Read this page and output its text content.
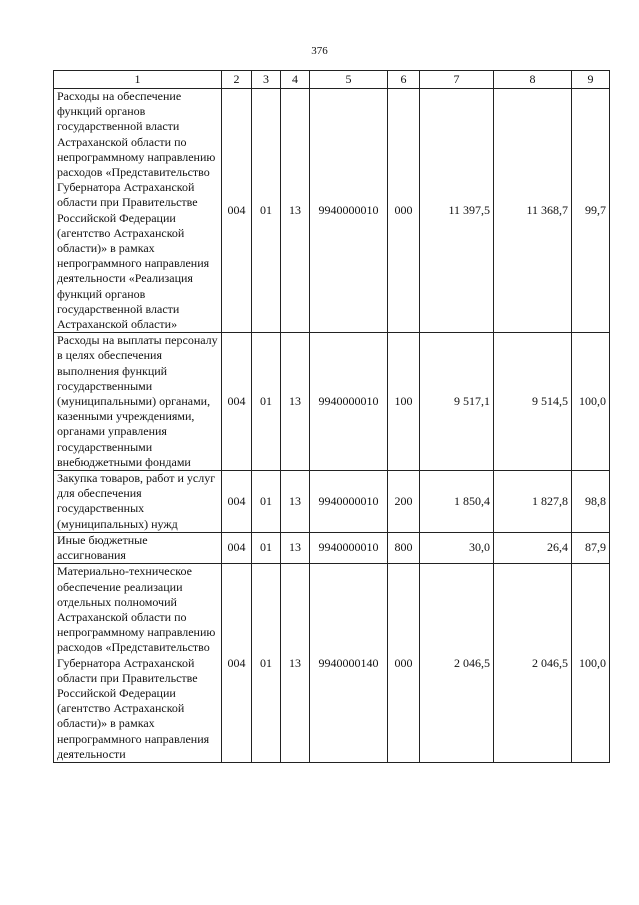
376
1	2	3	4	5	6	7	8	9
Расходы на обеспечение функций органов государственной власти Астраханской области по непрограммному направлению расходов «Представительство Губернатора Астраханской области при Правительстве Российской Федерации (агентство Астраханской области)» в рамках непрограммного направления деятельности «Реализация функций органов государственной власти Астраханской области»	004	01	13	9940000010	000	11 397,5	11 368,7	99,7
Расходы на выплаты персоналу в целях обеспечения выполнения функций государственными (муниципальными) органами, казенными учреждениями, органами управления государственными внебюджетными фондами	004	01	13	9940000010	100	9 517,1	9 514,5	100,0
Закупка товаров, работ и услуг для обеспечения государственных (муниципальных) нужд	004	01	13	9940000010	200	1 850,4	1 827,8	98,8
Иные бюджетные ассигнования	004	01	13	9940000010	800	30,0	26,4	87,9
Материально-техническое обеспечение реализации отдельных полномочий Астраханской области по непрограммному направлению расходов «Представительство Губернатора Астраханской области при Правительстве Российской Федерации (агентство Астраханской области)» в рамках непрограммного направления деятельности	004	01	13	9940000140	000	2 046,5	2 046,5	100,0
